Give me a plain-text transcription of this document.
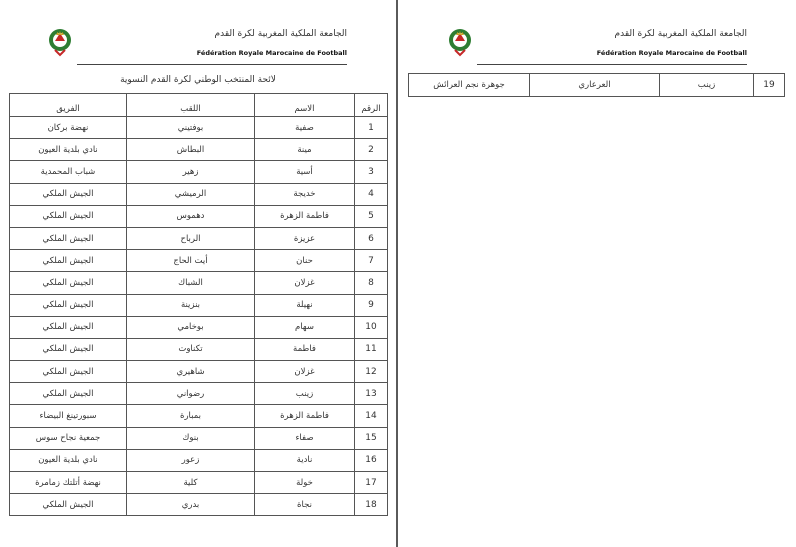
الجامعة الملكية المغربية لكرة القدم
Fédération Royale Marocaine de Football
لائحة المنتخب الوطني لكرة القدم النسوية
الرقم	الاسم	اللقب	الفريق
1	صفية	بوفتيني	نهضة بركان
2	مينة	البطاش	نادي بلدية العيون
3	أسية	زهير	شباب المحمدية
4	خديجة	الرميشي	الجيش الملكي
5	فاطمة الزهرة	دهموس	الجيش الملكي
6	عزيزة	الرباح	الجيش الملكي
7	حنان	أيت الحاج	الجيش الملكي
8	غزلان	الشباك	الجيش الملكي
9	نهيلة	بنزينة	الجيش الملكي
10	سهام	بوخامي	الجيش الملكي
11	فاطمة	تكناوت	الجيش الملكي
12	غزلان	شاهيري	الجيش الملكي
13	زينب	رضواني	الجيش الملكي
14	فاطمة الزهرة	بمبارة	سبورتينغ البيضاء
15	صفاء	بنوك	جمعية نجاح سوس
16	نادية	زعور	نادي بلدية العيون
17	خولة	كلية	نهضة أتلتك زمامرة
18	نجاة	بدري	الجيش الملكي
الجامعة الملكية المغربية لكرة القدم
Fédération Royale Marocaine de Football
19	زينب	العرعاري	جوهرة نجم العرائش
